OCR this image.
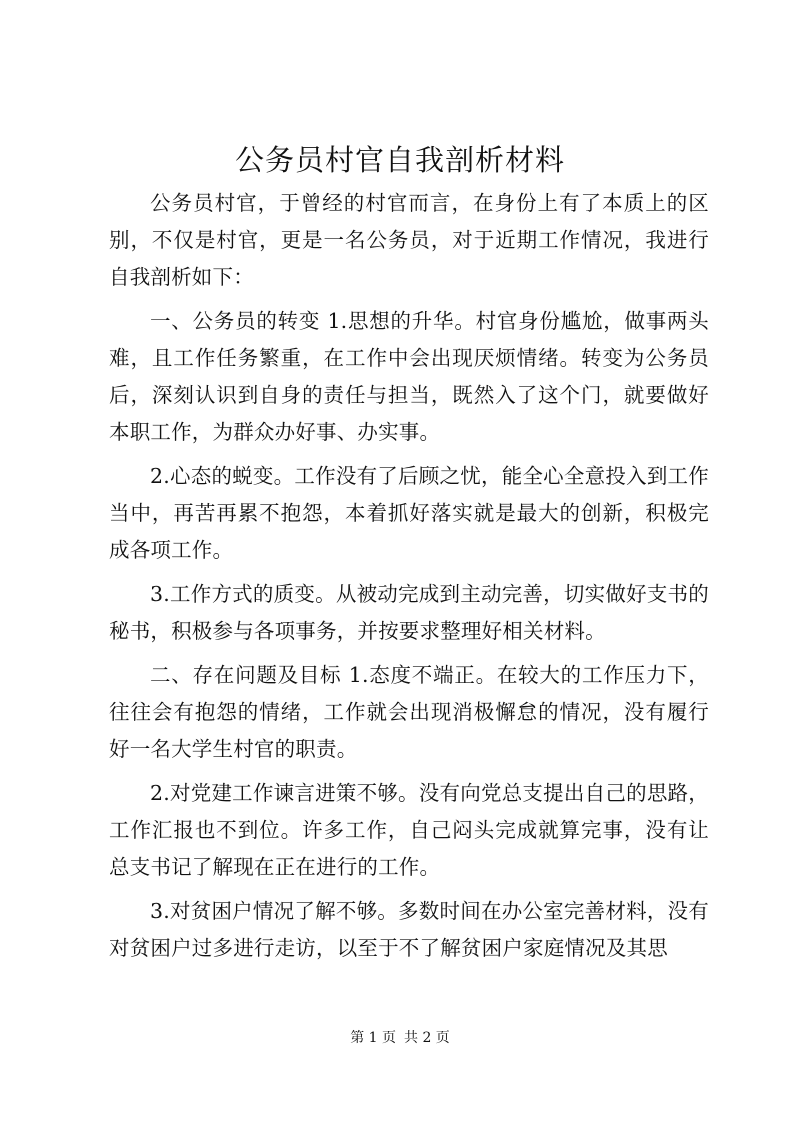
公务员村官自我剖析材料

公务员村官，于曾经的村官而言，在身份上有了本质上的区别，不仅是村官，更是一名公务员，对于近期工作情况，我进行自我剖析如下：

一、公务员的转变 1.思想的升华。村官身份尴尬，做事两头难，且工作任务繁重，在工作中会出现厌烦情绪。转变为公务员后，深刻认识到自身的责任与担当，既然入了这个门，就要做好本职工作，为群众办好事、办实事。

2.心态的蜕变。工作没有了后顾之忧，能全心全意投入到工作当中，再苦再累不抱怨，本着抓好落实就是最大的创新，积极完成各项工作。

3.工作方式的质变。从被动完成到主动完善，切实做好支书的秘书，积极参与各项事务，并按要求整理好相关材料。

二、存在问题及目标 1.态度不端正。在较大的工作压力下，往往会有抱怨的情绪，工作就会出现消极懈怠的情况，没有履行好一名大学生村官的职责。

2.对党建工作谏言进策不够。没有向党总支提出自己的思路，工作汇报也不到位。许多工作，自己闷头完成就算完事，没有让总支书记了解现在正在进行的工作。

3.对贫困户情况了解不够。多数时间在办公室完善材料，没有对贫困户过多进行走访，以至于不了解贫困户家庭情况及其思

第 1 页 共 2 页
